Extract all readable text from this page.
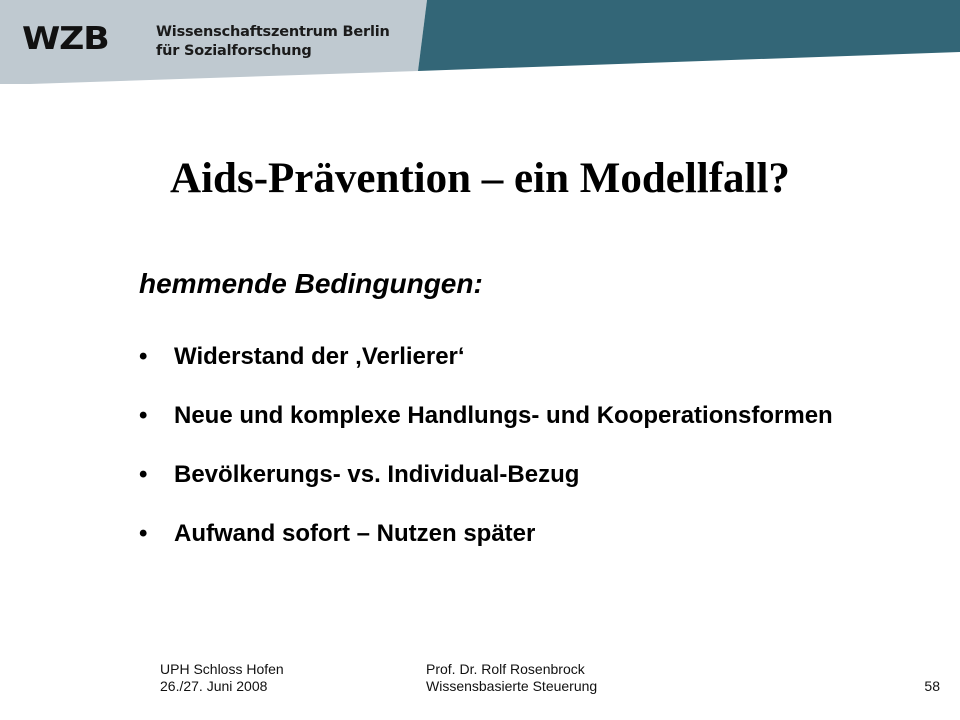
WZB	Wissenschaftszentrum Berlin
für Sozialforschung
Aids-Prävention – ein Modellfall?
hemmende Bedingungen:
• Widerstand der ‚Verlierer‘
• Neue und komplexe Handlungs- und Kooperationsformen
• Bevölkerungs- vs. Individual-Bezug
• Aufwand sofort – Nutzen später
UPH Schloss Hofen
26./27. Juni 2008
Prof. Dr. Rolf Rosenbrock
Wissensbasierte Steuerung	58
